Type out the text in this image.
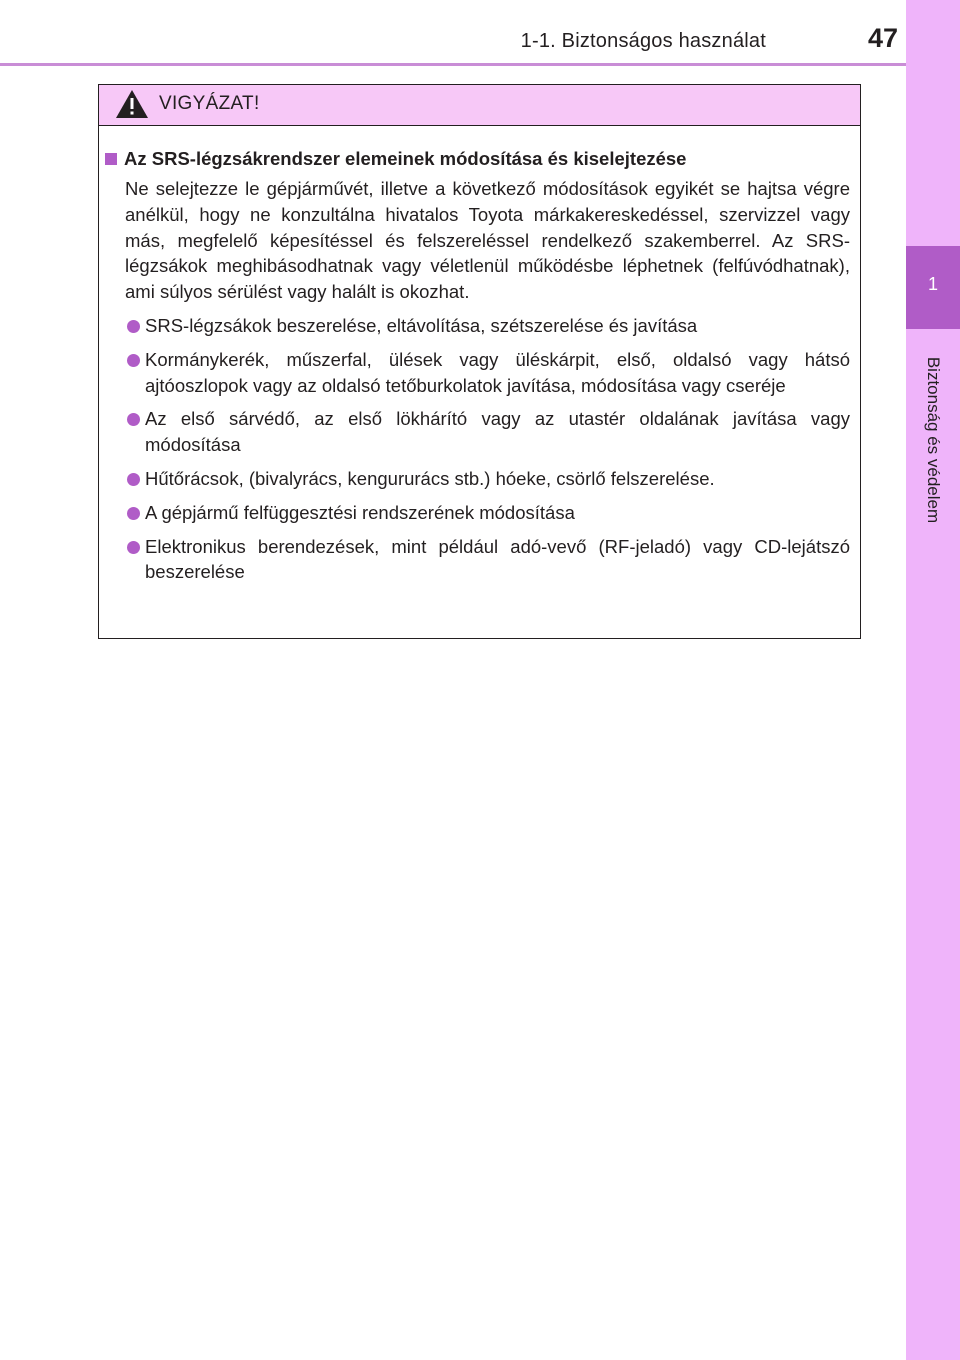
1-1. Biztonságos használat	47
1
Biztonság és védelem
VIGYÁZAT!
Az SRS-légzsákrendszer elemeinek módosítása és kiselejtezése
Ne selejtezze le gépjárművét, illetve a következő módosítások egyikét se hajtsa végre anélkül, hogy ne konzultálna hivatalos Toyota márkakereskedéssel, szervizzel vagy más, megfelelő képesítéssel és felszereléssel rendelkező szakemberrel. Az SRS-légzsákok meghibásodhatnak vagy véletlenül működésbe léphetnek (felfúvódhatnak), ami súlyos sérülést vagy halált is okozhat.
SRS-légzsákok beszerelése, eltávolítása, szétszerelése és javítása
Kormánykerék, műszerfal, ülések vagy üléskárpit, első, oldalsó vagy hátsó ajtóoszlopok vagy az oldalsó tetőburkolatok javítása, módosítása vagy cseréje
Az első sárvédő, az első lökhárító vagy az utastér oldalának javítása vagy módosítása
Hűtőrácsok, (bivalyrács, kengururács stb.) hóeke, csörlő felszerelése.
A gépjármű felfüggesztési rendszerének módosítása
Elektronikus berendezések, mint például adó-vevő (RF-jeladó) vagy CD-lejátszó beszerelése
